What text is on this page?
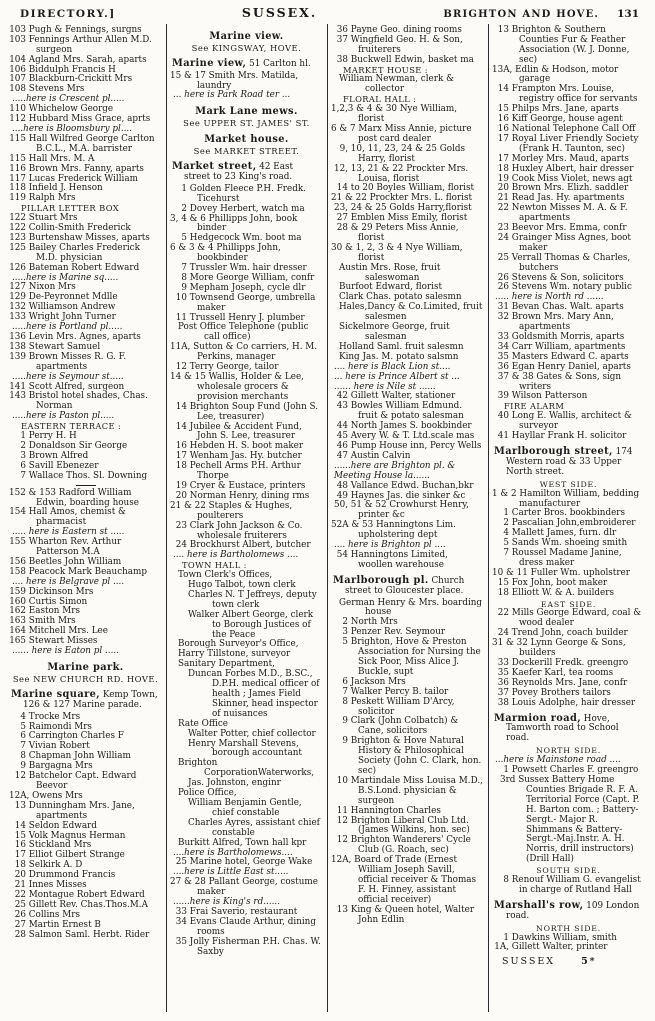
DIRECTORY.]	SUSSEX.	BRIGHTON AND HOVE. 131
103 Pugh & Fennings, surgns
103 Fennings Arthur Allen M.D. surgeon
104 Agland Mrs. Sarah, aparts
106 Biddulph Francis H
107 Blackburn-Crickitt Mrs
108 Stevens Mrs
.....here is Crescent pl.....
110 Whichelow George
112 Hubbard Miss Grace, aprts
....here is Bloomsbury pl....
115 Hall Wilfred George Carlton B.C.L., M.A. barrister
115 Hall Mrs. M. A
116 Brown Mrs. Fanny, aparts
117 Lucas Frederick William
118 Infield J. Henson
119 Ralph Mrs
PILLAR LETTER BOX
122 Stuart Mrs
122 Collin-Smith Frederick
123 Burtenshaw Misses, aparts
125 Bailey Charles Frederick M.D. physician
126 Bateman Robert Edward
.....here is Marine sq.....
127 Nixon Mrs
129 De-Peyronnet Mdlle
132 Williamson Andrew
133 Wright John Turner
.....here is Portland pl.....
136 Levin Mrs. Agnes, aparts
138 Stewart Samuel
139 Brown Misses R. G. F. apartments
.....here is Seymour st.....
141 Scott Alfred, surgeon
143 Bristol hotel shades, Chas. Norman
.....here is Paston pl.....
EASTERN TERRACE :
1 Perry H. H
2 Donaldson Sir George
3 Brown Alfred
6 Savill Ebenezer
7 Wallace Thos. Sl. Downing
152 & 153 Radford William Edwin, boarding house
154 Hall Amos, chemist & pharmacist
..... here is Eastern st .....
155 Wharton Rev. Arthur Patterson M.A
156 Beetles John William
158 Peacock Mark Beauchamp
.... here is Belgrave pl ....
159 Dickinson Mrs
160 Curtis Simon
162 Easton Mrs
163 Smith Mrs
164 Mitchell Mrs. Lee
165 Stewart Misses
...... here is Eaton pl .....
Marine park.
See NEW CHURCH RD. HOVE.
Marine square, Kemp Town, 126 & 127 Marine parade.
4 Trocke Mrs
5 Raimondi Mrs
6 Carrington Charles F
7 Vivian Robert
8 Chapman John William
9 Bargagna Mrs
12 Batchelor Capt. Edward Beevor
12A, Owens Mrs
13 Dunningham Mrs. Jane, apartments
14 Seldon Edward
15 Volk Magnus Herman
16 Stickland Mrs
17 Elliot Gilbert Strange
18 Selkirk A. D
20 Drummond Francis
21 Innes Misses
22 Montague Robert Edward
25 Gillett Rev. Chas.Thos.M.A
26 Collins Mrs
27 Martin Ernest B
28 Salmon Saml. Herbt. Rider
Marine view.
See KINGSWAY, HOVE.
Marine view, 51 Carlton hl.
15 & 17 Smith Mrs. Matilda, laundry
... here is Park Road ter ...
Mark Lane mews.
See UPPER ST. JAMES' ST.
Market house.
See MARKET STREET.
Market street, 42 East street to 23 King's road.
1 Golden Fleece P.H. Fredk. Ticehurst
2 Dovey Herbert, watch ma
3, 4 & 6 Phillipps John, book binder
5 Hedgecock Wm. boot ma
6 & 3 & 4 Phillipps John, bookbinder
7 Trussler Wm. hair dresser
8 More George William, confr
9 Mepham Joseph, cycle dlr
10 Townsend George, umbrella maker
11 Trussell Henry J. plumber
Post Office Telephone (public call office)
11A, Sutton & Co carriers, H. M. Perkins, manager
12 Terry George, tailor
14 & 15 Wallis, Holder & Lee, wholesale grocers & provision merchants
14 Brighton Soup Fund (John S. Lee, treasurer)
14 Jubilee & Accident Fund, John S. Lee, treasurer
16 Hebden H. S. boot maker
17 Wenham Jas. Hy. butcher
18 Pechell Arms P.H. Arthur Thorpe
19 Cryer & Eustace, printers
20 Norman Henry, dining rms
21 & 22 Staples & Hughes, poulterers
23 Clark John Jackson & Co. wholesale fruiterers
24 Brockhurst Albert, butcher
.... here is Bartholomews ....
TOWN HALL :
Town Clerk's Offices,
Hugo Talbot, town clerk
Charles N. T Jeffreys, deputy town clerk
Walker Albert George, clerk to Borough Justices of the Peace
Borough Surveyor's Office,
Harry Tillstone, surveyor
Sanitary Department,
Duncan Forbes M.D., B.SC., D.P.H. medical officer of health ; James Field Skinner, head inspector of nuisances
Rate Office
Walter Potter, chief collector
Henry Marshall Stevens, borough accountant
Brighton CorporationWaterworks,
Jas. Johnston, enginr
Police Office,
William Benjamin Gentle, chief constable
Charles Ayres, assistant chief constable
Burkitt Alfred, Town hall kpr
....here is Bartholomews....
25 Marine hotel, George Wake
....here is Little East st.....
27 & 28 Pallant George, costume maker
......here is King's rd......
33 Frai Saverio, restaurant
34 Evans Claude Arthur, dining rooms
35 Jolly Fisherman P.H. Chas. W. Saxby
36 Payne Geo. dining rooms
37 Wingfield Geo. H. & Son, fruiterers
38 Buckwell Edwin, basket ma
MARKET HOUSE :
William Newman, clerk & collector
FLORAL HALL :
1,2,3 & 4 & 30 Nye William, florist
6 & 7 Marx Miss Annie, picture post card dealer
9, 10, 11, 23, 24 & 25 Golds Harry, florist
12, 13, 21 & 22 Prockter Mrs. Louisa, florist
14 to 20 Boyles William, florist
21 & 22 Prockter Mrs. L. florist
23, 24 & 25 Golds Harry,florist
27 Emblen Miss Emily, florist
28 & 29 Peters Miss Annie, florist
30 & 1, 2, 3 & 4 Nye William, florist
Austin Mrs. Rose, fruit saleswoman
Burfoot Edward, florist
Clark Chas. potato salesmn
Hales,Dancy & Co.Limited, fruit salesmen
Sickelmore George, fruit salesman
Holland Saml. fruit salesmn
King Jas. M. potato salsmn
.... here is Black Lion st....
... here is Prince Albert st ...
...... here is Nile st ......
42 Gillett Walter, stationer
43 Bowles William Edmund. fruit & potato salesman
44 North James S. bookbinder
45 Avery W. & T. Ltd.scale mas
46 Pump House inn, Percy Wells
47 Austin Calvin
......here are Brighton pl. & Meeting House la......
48 Vallance Edwd. Buchan,bkr
49 Haynes Jas. die sinker &c
50, 51 & 52 Crowhurst Henry, printer &c
52A & 53 Hanningtons Lim. upholstering dept
.... here is Brighton pl ....
54 Hanningtons Limited, woollen warehouse
Marlborough pl. Church street to Gloucester place.
German Henry & Mrs. boarding house
2 North Mrs
3 Penzer Rev. Seymour
5 Brighton, Hove & Preston Association for Nursing the Sick Poor, Miss Alice J. Buckle, supt
6 Jackson Mrs
7 Walker Percy B. tailor
8 Peskett William D'Arcy, solicitor
9 Clark (John Colbatch) & Cane, solicitors
9 Brighton & Hove Natural History & Philosophical Society (John C. Clark, hon. sec)
10 Martindale Miss Louisa M.D., B.S.Lond. physician & surgeon
11 Hannington Charles
12 Brighton Liberal Club Ltd. (James Wilkins, hon. sec)
12 Brighton Wanderers' Cycle Club (G. Roach, sec)
12A, Board of Trade (Ernest William Joseph Savill, official receiver & Thomas F. H. Finney, assistant official receiver)
13 King & Queen hotel, Walter John Edlin
13 Brighton & Southern Counties Fur & Feather Association (W. J. Donne, sec)
13A, Edlin & Hodson, motor garage
14 Frampton Mrs. Louise, registry office for servants
15 Philps Mrs. Jane, aparts
16 Kiff George, house agent
16 National Telephone Call Off
17 Royal Liver Friendly Society (Frank H. Taunton, sec)
17 Morley Mrs. Maud, aparts
18 Huxley Albert, hair dresser
19 Cook Miss Violet, news agt
20 Brown Mrs. Elizh. saddler
21 Read Jas. Hy. apartments
22 Newton Misses M. A. & F. apartments
23 Beevor Mrs. Emma, confr
24 Grainger Miss Agnes, boot maker
25 Verrall Thomas & Charles, butchers
26 Stevens & Son, solicitors
26 Stevens Wm. notary public
..... here is North rd ......
31 Bevan Chas. Walt. aparts
32 Brown Mrs. Mary Ann, apartments
33 Goldsmith Morris, aparts
34 Carr William, apartments
35 Masters Edward C. aparts
36 Egan Henry Daniel, aparts
37 & 38 Gates & Sons, sign writers
39 Wilson Patterson
FIRE ALARM
40 Long E. Wallis, architect & surveyor
41 Hayllar Frank H. solicitor
Marlborough street, 174 Western road & 33 Upper North street.
WEST SIDE.
1 & 2 Hamilton William, bedding manufacturer
1 Carter Bros. bookbinders
2 Pascalian John,embroiderer
4 Mallett James, furn. dlr
5 Sands Wm. shoeing smith
7 Roussel Madame Janine, dress maker
10 & 11 Fuller Wm. upholstrer
15 Fox John, boot maker
18 Elliott W. & A. builders
EAST SIDE.
22 Mills George Edward, coal & wood dealer
24 Trend John, coach builder
31 & 32 Lynn George & Sons, builders
33 Dockerill Fredk. greengro
35 Kaefer Karl, tea rooms
36 Reynolds Mrs. Jane, confr
37 Povey Brothers tailors
38 Louis Adolphe, hair dresser
Marmion road, Hove, Tamworth road to School road.
NORTH SIDE.
...here is Mainstone road ....
1 Powsett Charles F. greengro
3rd Sussex Battery Home Counties Brigade R. F. A. Territorial Force (Capt. P. H. Barton com. ; Battery-Sergt.- Major R. Shimmans & Battery-Sergt.-Maj.Instr. A. H. Norris, drill instructors) (Drill Hall)
SOUTH SIDE.
8 Renouf William G. evangelist in charge of Rutland Hall
Marshall's row, 109 London road.
NORTH SIDE.
1 Dawkins William, smith
1A, Gillett Walter, printer
SUSSEX	5*
